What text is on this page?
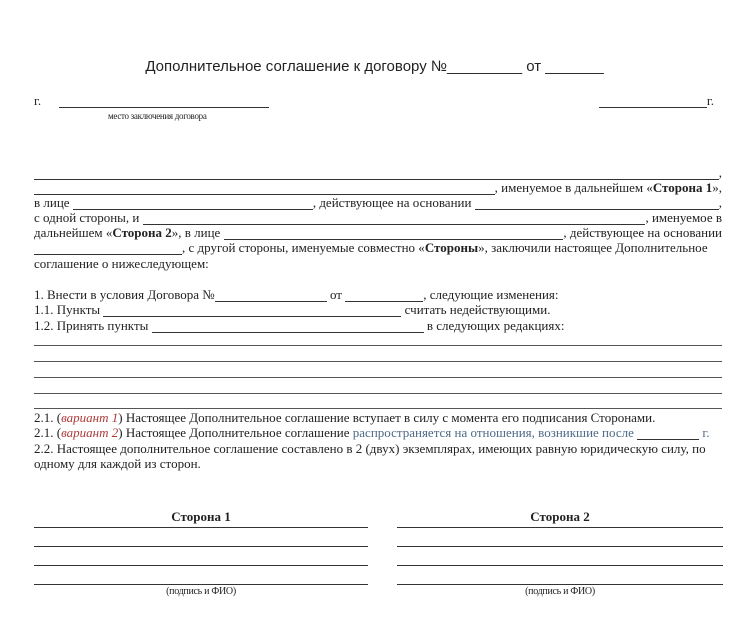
Дополнительное соглашение к договору №_________ от _______
г.	г.
место заключения договора
,
, именуемое в дальнейшем « Сторона 1 »,
в лице
	, действующее на основании
	,
с одной стороны, и
	, именуемое в
дальнейшем « Сторона 2 », в лице
	, действующее на основании
, с другой стороны, именуемые совместно « Стороны », заключили настоящее Дополнительное
соглашение о нижеследующем:
1. Внести в условия Договора №
	от
	, следующие изменения:
1.1. Пункты

	считать недействующими.
1.2. Принять пункты

	в следующих редакциях:
2.1. ( вариант 1 ) Настоящее Дополнительное соглашение вступает в силу с момента его подписания Сторонами.
2.1. ( вариант 2 ) Настоящее Дополнительное соглашение распространяется на отношения, возникшие после

	г.
2.2. Настоящее дополнительное соглашение составлено в 2 (двух) экземплярах, имеющих равную юридическую силу, по
одному для каждой из сторон.
Сторона 1	Сторона 2
(подпись и ФИО)	(подпись и ФИО)
